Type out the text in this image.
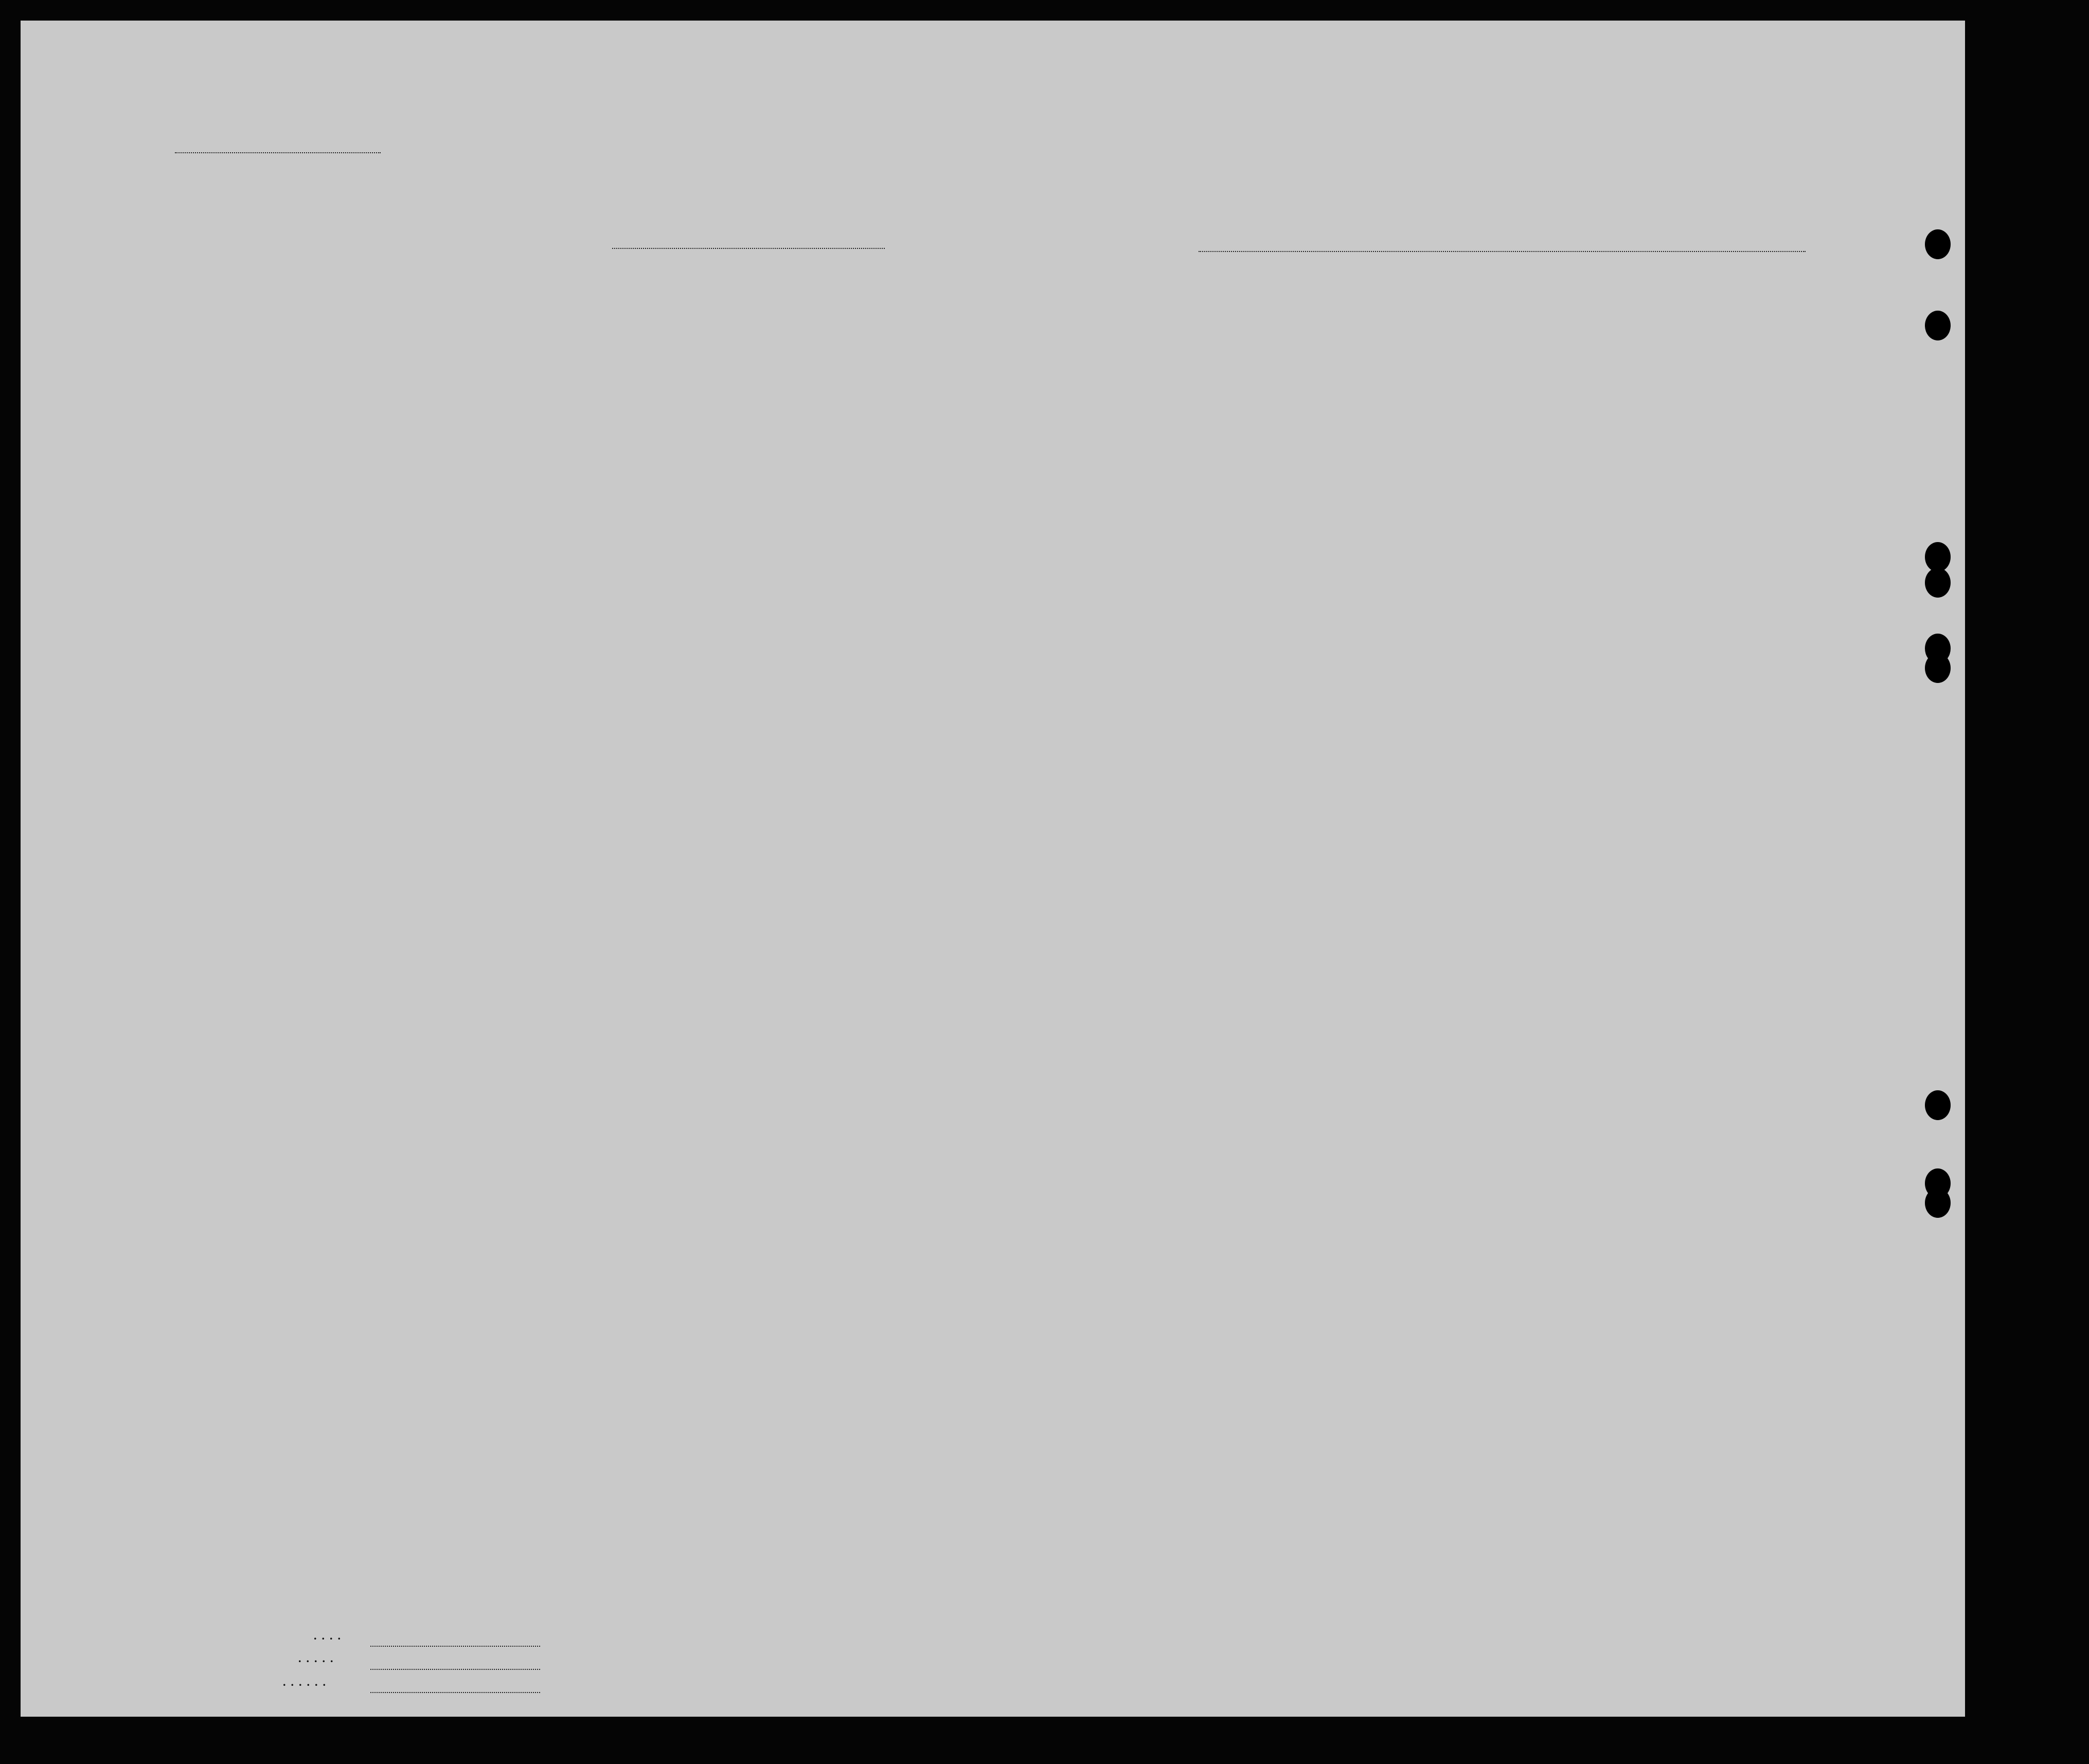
....
.....
......
